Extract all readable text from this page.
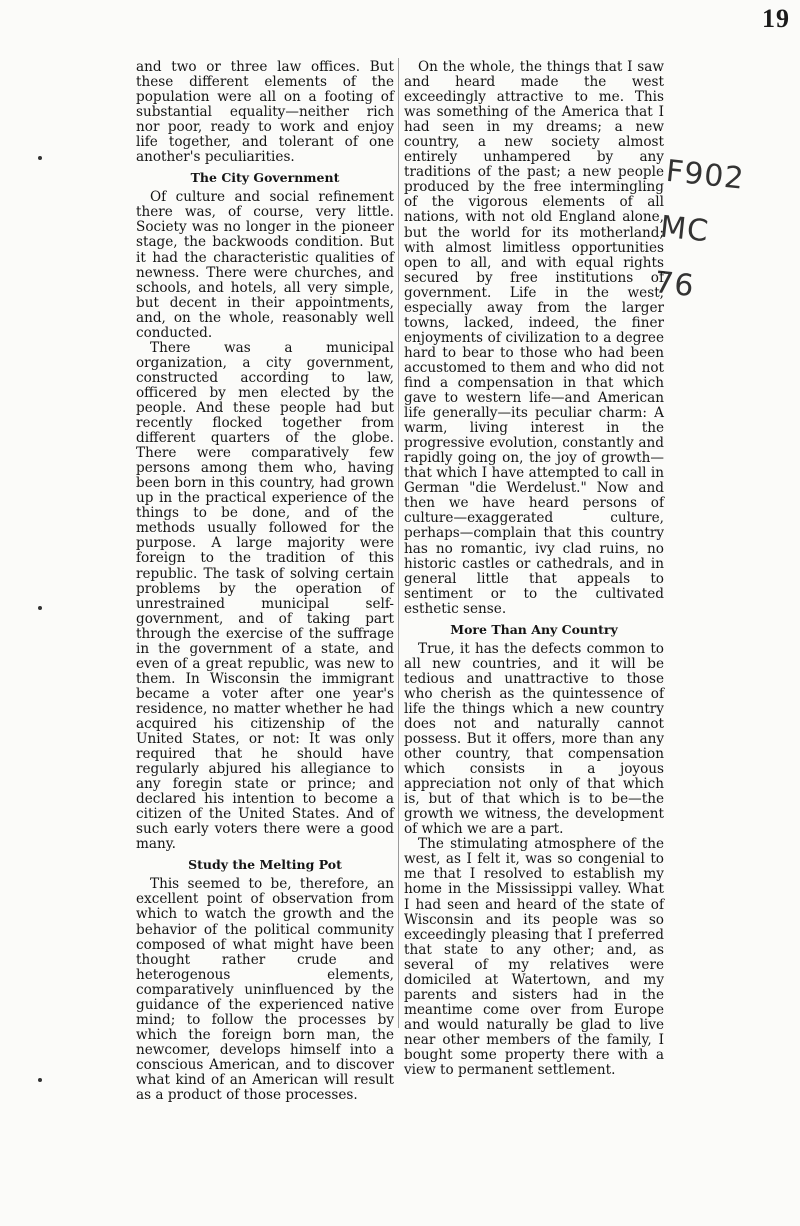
19
F902
MC
76

and two or three law offices. But these different elements of the population were all on a footing of substantial equality—neither rich nor poor, ready to work and enjoy life together, and tolerant of one another's peculiarities.

The City Government

Of culture and social refinement there was, of course, very little. Society was no longer in the pioneer stage, the backwoods condition. But it had the characteristic qualities of newness. There were churches, and schools, and hotels, all very simple, but decent in their appointments, and, on the whole, reasonably well conducted.

There was a municipal organization, a city government, constructed according to law, officered by men elected by the people. And these people had but recently flocked together from different quarters of the globe. There were comparatively few persons among them who, having been born in this country, had grown up in the practical experience of the things to be done, and of the methods usually followed for the purpose. A large majority were foreign to the tradition of this republic. The task of solving certain problems by the operation of unrestrained municipal self-government, and of taking part through the exercise of the suffrage in the government of a state, and even of a great republic, was new to them. In Wisconsin the immigrant became a voter after one year's residence, no matter whether he had acquired his citizenship of the United States, or not: It was only required that he should have regularly abjured his allegiance to any foregin state or prince; and declared his intention to become a citizen of the United States. And of such early voters there were a good many.

Study the Melting Pot

This seemed to be, therefore, an excellent point of observation from which to watch the growth and the behavior of the political community composed of what might have been thought rather crude and heterogenous elements, comparatively uninfluenced by the guidance of the experienced native mind; to follow the processes by which the foreign born man, the newcomer, develops himself into a conscious American, and to discover what kind of an American will result as a product of those processes.

On the whole, the things that I saw and heard made the west exceedingly attractive to me. This was something of the America that I had seen in my dreams; a new country, a new society almost entirely unhampered by any traditions of the past; a new people produced by the free intermingling of the vigorous elements of all nations, with not old England alone, but the world for its motherland; with almost limitless opportunities open to all, and with equal rights secured by free institutions of government. Life in the west, especially away from the larger towns, lacked, indeed, the finer enjoyments of civilization to a degree hard to bear to those who had been accustomed to them and who did not find a compensation in that which gave to western life—and American life generally—its peculiar charm: A warm, living interest in the progressive evolution, constantly and rapidly going on, the joy of growth—that which I have attempted to call in German "die Werdelust." Now and then we have heard persons of culture—exaggerated culture, perhaps—complain that this country has no romantic, ivy clad ruins, no historic castles or cathedrals, and in general little that appeals to sentiment or to the cultivated esthetic sense.

More Than Any Country

True, it has the defects common to all new countries, and it will be tedious and unattractive to those who cherish as the quintessence of life the things which a new country does not and naturally cannot possess. But it offers, more than any other country, that compensation which consists in a joyous appreciation not only of that which is, but of that which is to be—the growth we witness, the development of which we are a part.

The stimulating atmosphere of the west, as I felt it, was so congenial to me that I resolved to establish my home in the Mississippi valley. What I had seen and heard of the state of Wisconsin and its people was so exceedingly pleasing that I preferred that state to any other; and, as several of my relatives were domiciled at Watertown, and my parents and sisters had in the meantime come over from Europe and would naturally be glad to live near other members of the family, I bought some property there with a view to permanent settlement.
